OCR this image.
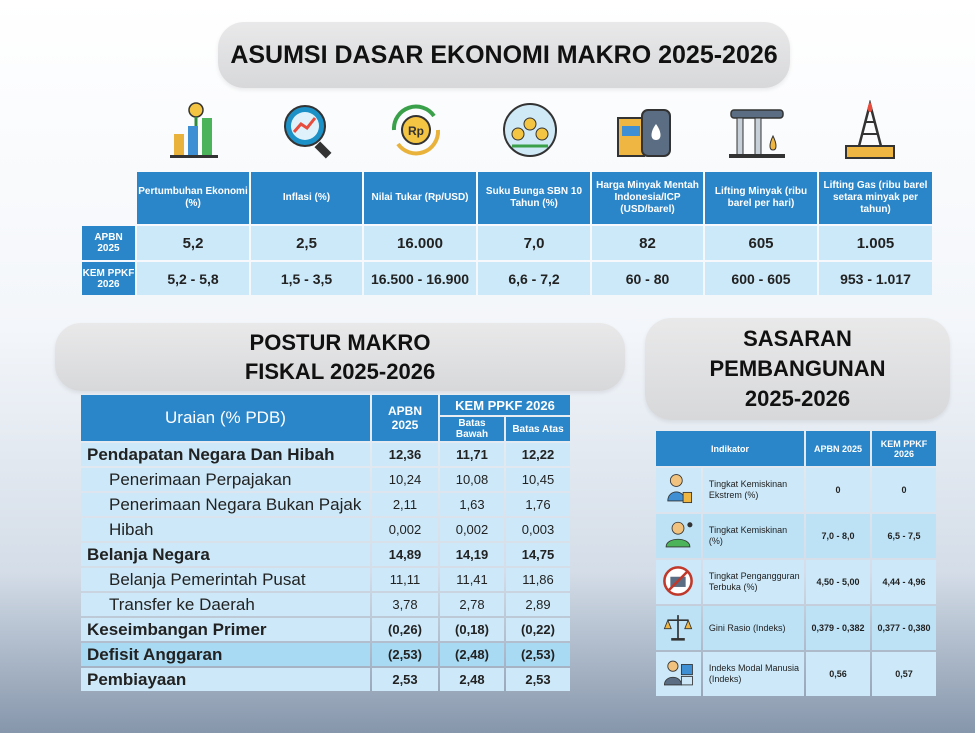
ASUMSI DASAR EKONOMI MAKRO 2025-2026
Rp
	Pertumbuhan Ekonomi (%)	Inflasi (%)	Nilai Tukar (Rp/USD)	Suku Bunga SBN 10 Tahun (%)	Harga Minyak Mentah Indonesia/ICP (USD/barel)	Lifting Minyak (ribu barel per hari)	Lifting Gas (ribu barel setara minyak per tahun)
APBN 2025	5,2	2,5	16.000	7,0	82	605	1.005
KEM PPKF 2026	5,2 - 5,8	1,5 - 3,5	16.500 - 16.900	6,6 - 7,2	60 - 80	600 - 605	953 - 1.017
POSTUR MAKRO FISKAL 2025-2026
SASARAN PEMBANGUNAN 2025-2026
Uraian (% PDB)	APBN 2025	KEM PPKF 2026	
		Batas Bawah	Batas Atas
Pendapatan Negara Dan Hibah	12,36	11,71	12,22
Penerimaan Perpajakan	10,24	10,08	10,45
Penerimaan Negara Bukan Pajak	2,11	1,63	1,76
Hibah	0,002	0,002	0,003
Belanja Negara	14,89	14,19	14,75
Belanja Pemerintah Pusat	11,11	11,41	11,86
Transfer ke Daerah	3,78	2,78	2,89
Keseimbangan Primer	(0,26)	(0,18)	(0,22)
Defisit Anggaran	(2,53)	(2,48)	(2,53)
Pembiayaan	2,53	2,48	2,53
Indikator		APBN 2025	KEM PPKF 2026
	Tingkat Kemiskinan Ekstrem (%)	0	0
	Tingkat Kemiskinan (%)	7,0 - 8,0	6,5 - 7,5
	Tingkat Pengangguran Terbuka (%)	4,50 - 5,00	4,44 - 4,96
	Gini Rasio (Indeks)	0,379 - 0,382	0,377 - 0,380
	Indeks Modal Manusia (Indeks)	0,56	0,57
